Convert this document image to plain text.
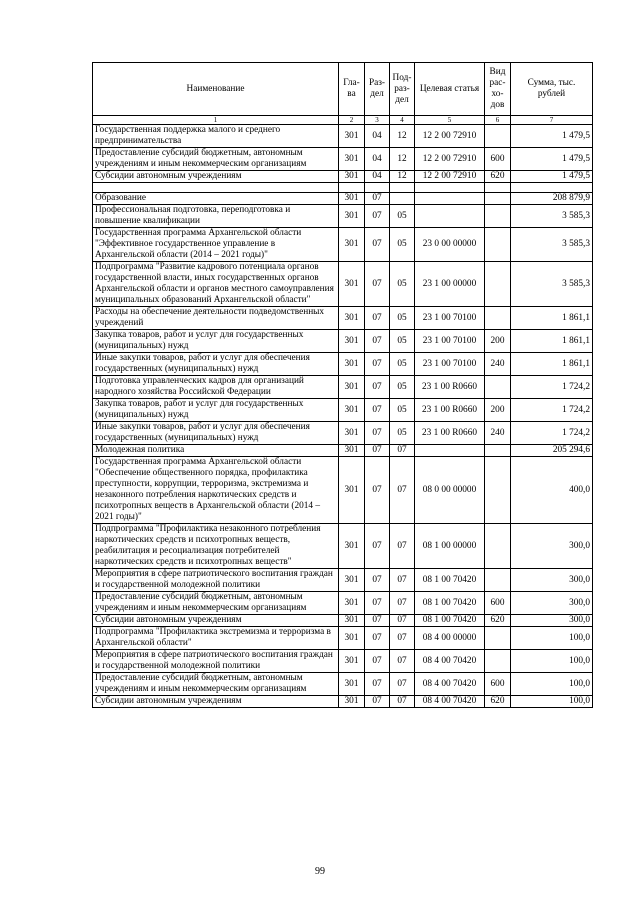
Наименование	Гла-ва	Раз-дел	Под-раз-дел	Целевая статья	Вид рас-хо-дов	Сумма, тыс. рублей
1	2	3	4	5	6	7
Государственная поддержка малого и среднего предпринимательства	301	04	12	12 2 00 72910		1 479,5
Предоставление субсидий бюджетным, автономным учреждениям и иным некоммерческим организациям	301	04	12	12 2 00 72910	600	1 479,5
Субсидии автономным учреждениям	301	04	12	12 2 00 72910	620	1 479,5

Образование	301	07				208 879,9
Профессиональная подготовка, переподготовка и повышение квалификации	301	07	05			3 585,3
Государственная программа Архангельской области "Эффективное государственное управление в Архангельской области (2014 – 2021 годы)"	301	07	05	23 0 00 00000		3 585,3
Подпрограмма "Развитие кадрового потенциала органов государственной власти, иных государственных органов Архангельской области и органов местного самоуправления муниципальных образований Архангельской области"	301	07	05	23 1 00 00000		3 585,3
Расходы на обеспечение деятельности подведомственных учреждений	301	07	05	23 1 00 70100		1 861,1
Закупка товаров, работ и услуг для государственных (муниципальных) нужд	301	07	05	23 1 00 70100	200	1 861,1
Иные закупки товаров, работ и услуг для обеспечения государственных (муниципальных) нужд	301	07	05	23 1 00 70100	240	1 861,1
Подготовка управленческих кадров для организаций народного хозяйства Российской Федерации	301	07	05	23 1 00 R0660		1 724,2
Закупка товаров, работ и услуг для государственных (муниципальных) нужд	301	07	05	23 1 00 R0660	200	1 724,2
Иные закупки товаров, работ и услуг для обеспечения государственных (муниципальных) нужд	301	07	05	23 1 00 R0660	240	1 724,2
Молодежная политика	301	07	07			205 294,6
Государственная программа Архангельской области "Обеспечение общественного порядка, профилактика преступности, коррупции, терроризма, экстремизма и незаконного потребления наркотических средств и психотропных веществ в Архангельской области (2014 – 2021 годы)"	301	07	07	08 0 00 00000		400,0
Подпрограмма "Профилактика незаконного потребления наркотических средств и психотропных веществ, реабилитация и ресоциализация потребителей наркотических средств и психотропных веществ"	301	07	07	08 1 00 00000		300,0
Мероприятия в сфере патриотического воспитания граждан и государственной молодежной политики	301	07	07	08 1 00 70420		300,0
Предоставление субсидий бюджетным, автономным учреждениям и иным некоммерческим организациям	301	07	07	08 1 00 70420	600	300,0
Субсидии автономным учреждениям	301	07	07	08 1 00 70420	620	300,0
Подпрограмма "Профилактика экстремизма и терроризма в Архангельской области"	301	07	07	08 4 00 00000		100,0
Мероприятия в сфере патриотического воспитания граждан и государственной молодежной политики	301	07	07	08 4 00 70420		100,0
Предоставление субсидий бюджетным, автономным учреждениям и иным некоммерческим организациям	301	07	07	08 4 00 70420	600	100,0
Субсидии автономным учреждениям	301	07	07	08 4 00 70420	620	100,0
99
